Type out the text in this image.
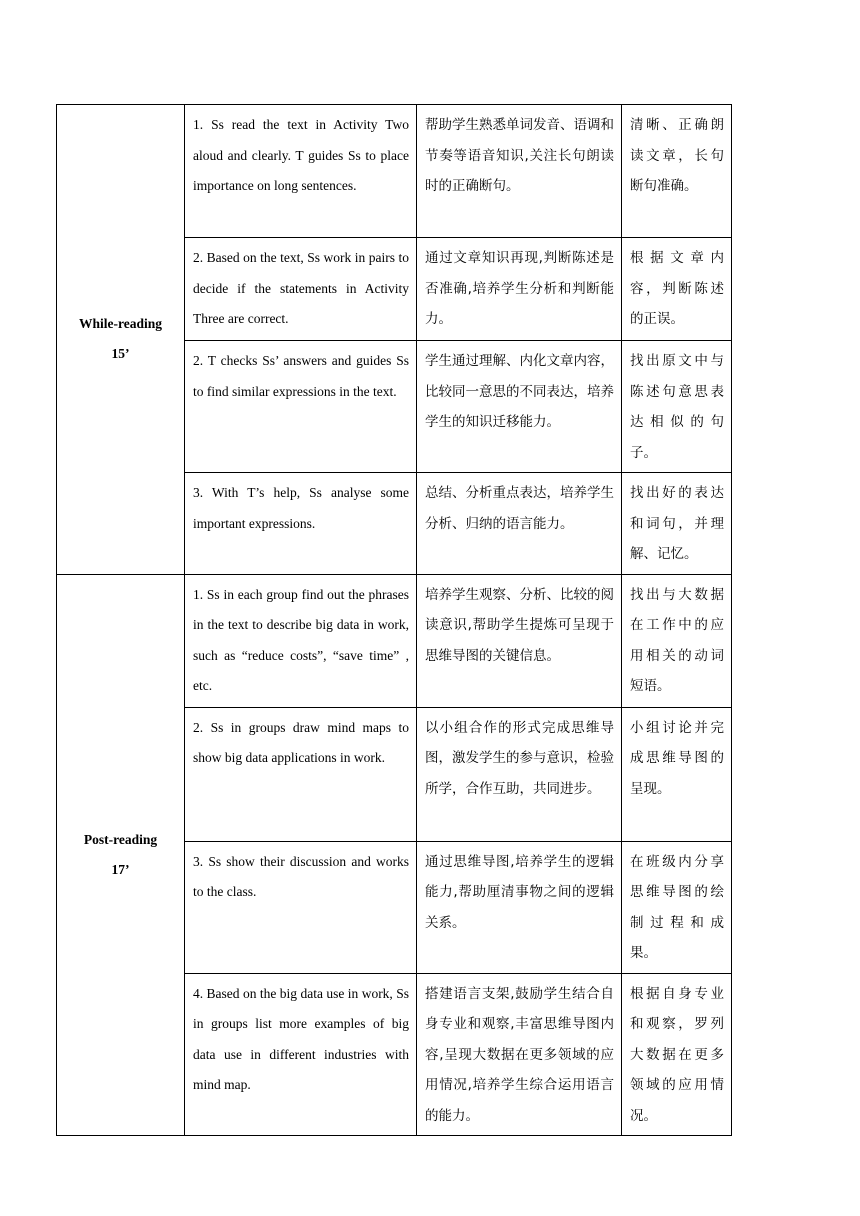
While-reading
15’	1. Ss read the text in Activity Two aloud and clearly. T guides Ss to place importance on long sentences.	帮助学生熟悉单词发音、语调和节奏等语音知识,关注长句朗读时的正确断句。	清晰、正确朗读文章，长句断句准确。
	2. Based on the text, Ss work in pairs to decide if the statements in Activity Three are correct.	通过文章知识再现,判断陈述是否准确,培养学生分析和判断能力。	根据文章内容，判断陈述的正误。
	2. T checks Ss’ answers and guides Ss to find similar expressions in the text.	学生通过理解、内化文章内容，比较同一意思的不同表达，培养学生的知识迁移能力。	找出原文中与陈述句意思表达相似的句子。
	3. With T’s help, Ss analyse some important expressions.	总结、分析重点表达，培养学生分析、归纳的语言能力。	找出好的表达和词句，并理解、记忆。

Post-reading
17’	1. Ss in each group find out the phrases in the text to describe big data in work, such as “reduce costs”, “save time” , etc.	培养学生观察、分析、比较的阅读意识,帮助学生提炼可呈现于思维导图的关键信息。	找出与大数据在工作中的应用相关的动词短语。
	2. Ss in groups draw mind maps to show big data applications in work.	以小组合作的形式完成思维导图，激发学生的参与意识，检验所学，合作互助，共同进步。	小组讨论并完成思维导图的呈现。
	3. Ss show their discussion and works to the class.	通过思维导图,培养学生的逻辑能力,帮助厘清事物之间的逻辑关系。	在班级内分享思维导图的绘制过程和成果。
	4. Based on the big data use in work, Ss in groups list more examples of big data use in different industries with mind map.	搭建语言支架,鼓励学生结合自身专业和观察,丰富思维导图内容,呈现大数据在更多领域的应用情况,培养学生综合运用语言的能力。	根据自身专业和观察，罗列大数据在更多领域的应用情况。
